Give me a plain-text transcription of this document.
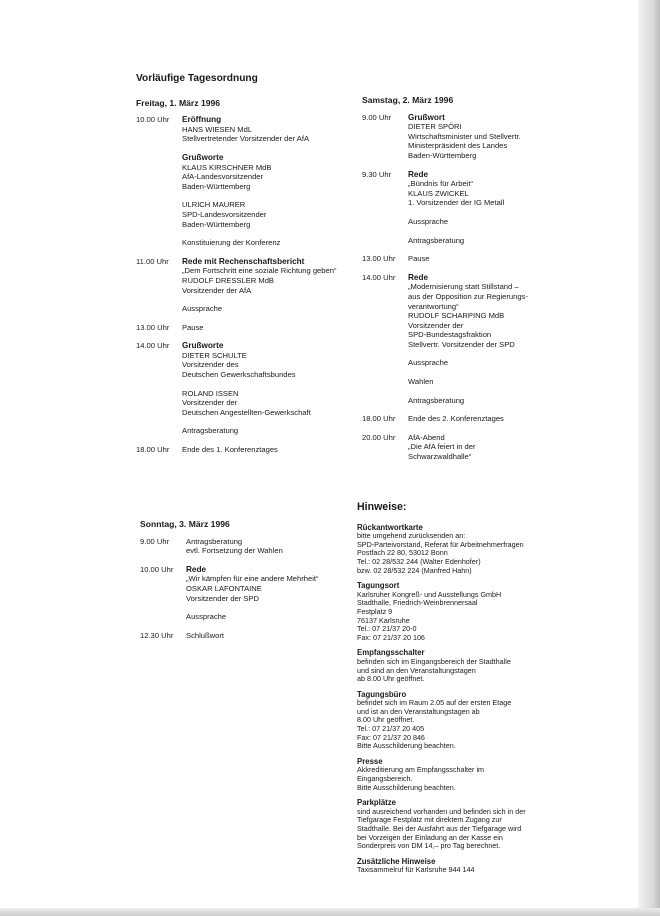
Vorläufige Tagesordnung
Freitag, 1. März 1996
10.00 Uhr	Eröffnung
HANS WIESEN MdL
Stellvertretender Vorsitzender der AfA
Grußworte
KLAUS KIRSCHNER MdB
AfA-Landesvorsitzender
Baden-Württemberg
ULRICH MAURER
SPD-Landesvorsitzender
Baden-Württemberg
Konstituierung der Konferenz
11.00 Uhr	Rede mit Rechenschaftsbericht
„Dem Fortschritt eine soziale Richtung geben“
RUDOLF DRESSLER MdB
Vorsitzender der AfA
Aussprache
13.00 Uhr	Pause
14.00 Uhr	Grußworte
DIETER SCHULTE
Vorsitzender des
Deutschen Gewerkschaftsbundes
ROLAND ISSEN
Vorsitzender der
Deutschen Angestellten-Gewerkschaft
Antragsberatung
18.00 Uhr	Ende des 1. Konferenztages
Samstag, 2. März 1996
9.00 Uhr	Grußwort
DIETER SPÖRI
Wirtschaftsminister und Stellvertr.
Ministerpräsident des Landes
Baden-Württemberg
9.30 Uhr	Rede
„Bündnis für Arbeit“
KLAUS ZWICKEL
1. Vorsitzender der IG Metall
Aussprache
Antragsberatung
13.00 Uhr	Pause
14.00 Uhr	Rede
„Modernisierung statt Stillstand –
aus der Opposition zur Regierungs-
verantwortung“
RUDOLF SCHARPING MdB
Vorsitzender der
SPD-Bundestagsfraktion
Stellvertr. Vorsitzender der SPD
Aussprache
Wahlen
Antragsberatung
18.00 Uhr	Ende des 2. Konferenztages
20.00 Uhr	AfA-Abend
„Die AfA feiert in der
Schwarzwaldhalle“
Sonntag, 3. März 1996
9.00 Uhr	Antragsberatung
evtl. Fortsetzung der Wahlen
10.00 Uhr	Rede
„Wir kämpfen für eine andere Mehrheit“
OSKAR LAFONTAINE
Vorsitzender der SPD
Aussprache
12.30 Uhr	Schlußwort
Hinweise:
Rückantwortkarte
bitte umgehend zurücksenden an:
SPD-Parteivorstand, Referat für Arbeitnehmerfragen
Postfach 22 80, 53012 Bonn
Tel.: 02 28/532 244 (Walter Edenhofer)
bzw. 02 28/532 224 (Manfred Hahn)
Tagungsort
Karlsruher Kongreß- und Ausstellungs GmbH
Stadthalle, Friedrich-Weinbrennersaal
Festplatz 9
76137 Karlsruhe
Tel.: 07 21/37 20-0
Fax: 07 21/37 20 106
Empfangsschalter
befinden sich im Eingangsbereich der Stadthalle
und sind an den Veranstaltungstagen
ab 8.00 Uhr geöffnet.
Tagungsbüro
befindet sich im Raum 2.05 auf der ersten Etage
und ist an den Veranstaltungstagen ab
8.00 Uhr geöffnet.
Tel.: 07 21/37 20 405
Fax: 07 21/37 20 846
Bitte Ausschilderung beachten.
Presse
Akkreditierung am Empfangsschalter im
Eingangsbereich.
Bitte Ausschilderung beachten.
Parkplätze
sind ausreichend vorhanden und befinden sich in der
Tiefgarage Festplatz mit direktem Zugang zur
Stadthalle. Bei der Ausfahrt aus der Tiefgarage wird
bei Vorzeigen der Einladung an der Kasse ein
Sonderpreis von DM 14,– pro Tag berechnet.
Zusätzliche Hinweise
Taxisammelruf für Karlsruhe 944 144
